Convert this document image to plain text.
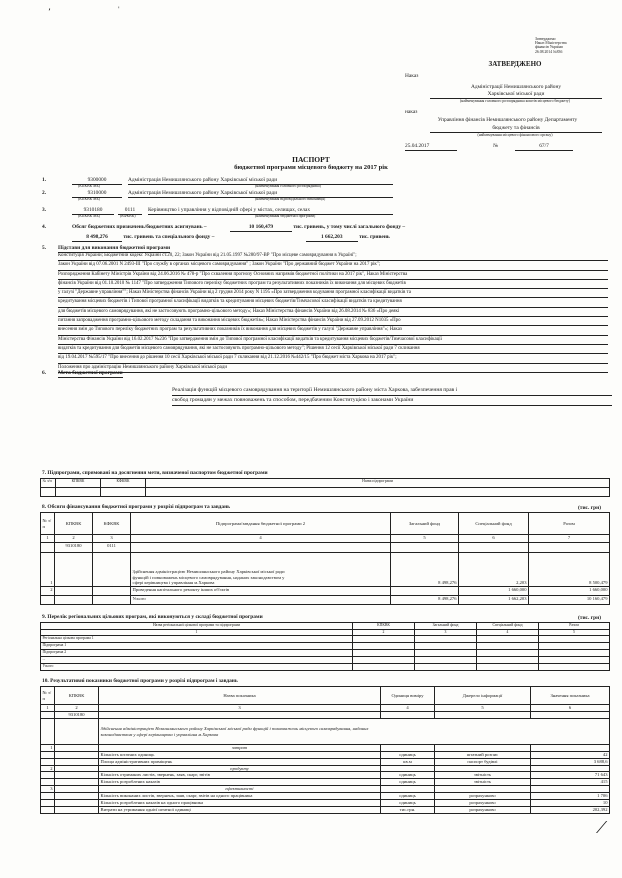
ʼ	'
⟋
Затверджено
Наказ Міністерства
фінансів України
26.08.2014 №836
ЗАТВЕРДЖЕНО
Наказ
Адміністрації Немишлянського району
Харківської міської ради
(найменування головного розпорядника коштів місцевого бюджету)
наказ
Управління фінансів Немишлянського району Департаменту
бюджету та фінансів
(найменування місцевого фінансового органу)
25.04.2017	№	67/7
ПАСПОРТ
бюджетної програми місцевого бюджету на 2017 рік
1.	9300000	Адміністрація Немишлянського району Харківської міської ради
(КПКВК МБ)	(найменування головного розпорядника)
2.	9310000	Адміністрація Немишлянського району Харківської міської ради
(КПКВК МБ)	(найменування відповідального виконавця)
3.	9310180	0111	Керівництво і управління у відповідній сфері у містах, селищах, селах
(КПКВК МБ)	(КФКВК)	(найменування бюджетної програми)
4.	Обсяг бюджетних призначень/бюджетних асигнувань –	10 160,479	тис. гривень, у тому числі загального фонду –
8 498,276	тис. гривень та спеціального фонду –	1 662,203	тис. гривень
5. Підстави для виконання бюджетної програми
Конституція України; Бюджетний кодекс України ст.20, 22; Закон України від 21.05.1997 №280/97-ВР "Про місцеве самоврядування в Україні";
Закон України від 07.06.2001 N 2493-III "Про службу в органах місцевого самоврядування" ; Закон України "Про державний бюджет України на 2017 рік";
Розпорядження Кабінету Міністрів України від 24.06.2016 № 478-р "Про схвалення прогнозу Основних напрямів бюджетної політики на 2017 рік", Наказ Міністерства
фінансів України від 01.10.2010 № 1147 "Про затвердження Типового переліку бюджетних програм та результативних показників їх виконання для місцевих бюджетів
у галузі "Державне управління""; Наказ Міністерства фінансів України від 2 грудня 2014 року N 1195 «Про затвердження кодування програмної класифікації видатків та
кредитування місцевих бюджетів і Типової програмної класифікації видатків та кредитування місцевих бюджетів/Тимчасової класифікації видатків та кредитування
для бюджетів місцевого самоврядування, які не застосовують програмно-цільового методу»; Наказ Міністерства фінансів України від 26.08.2014 № 836 «Про деякі
питання запровадження програмно-цільового методу складання та виконання місцевих бюджетів»; Наказ Міністерства фінансів України від 27.09.2012 N1035 «Про
внесення змін до Типового переліку бюджетних програм та результативних показників їх виконання для місцевих бюджетів у галузі "Державне управління"»; Наказ
Міністерства Фінансів України від 16.02.2017 №236 "Про затвердження змін до Типової програмної класифікації видатків та кредитування місцевих бюджетів/Тимчасової класифікації
видатків та кредитування для бюджетів місцевого самоврядування, які не застосовують програмно-цільового методу"; Рішення 12 сесії Харківської міської ради 7 скликання
від 19.04.2017 №595/17 "Про внесення до рішення 10 сесії Харківської міської ради 7 скликання від 21.12.2016 №442/15 "Про бюджет міста Харкова на 2017 рік";
Положення про адміністрацію Немишлянського району Харківської міської ради
6. Мета бюджетної програми
Реалізація функцій місцевого самоврядування на території Немишлянського району міста Харкова, забезпечення прав і
свобод громадян у межах повноважень та способом, передбаченим Конституцією і законами України
7. Підпрограми, спрямовані на досягнення мети, визначеної паспортом бюджетної програми
№ з/п	КПКВК	КФКВК	Назва підпрограми

8. Обсяги фінансування бюджетної програми у розрізі підпрограм та завдань	(тис. грн)
№ з/п	КПКВК	КФКВК	Підпрограма/завдання бюджетної програми 2	Загальний фонд	Спеціальний фонд	Разом
1	2	3	4	5	6	7
	9310180	0111				
1			Здійснення адміністрацією Немишлянського району Харківської міської ради
функцій і повноважень місцевого самоврядування, наданих законодавством у
сфері керівництва і управління м.Харкова	8 498,276	2,203	8 500,479
2			Проведення капітального ремонту інших об'єктів		1 660,000	1 660,000
			Усього	8 498,276	1 662,203	10 160,479
9. Перелік регіональних цільових програм, які виконуються у складі бюджетної програми	(тис. грн)
Назва регіональної цільової програми та підпрограми	КПКВК	Загальний фонд	Спеціальний фонд	Разом
1	2	3	4	5
Регіональна цільова програма 1				
Підпрограма 1				
Підпрограма 2				
...				
Усього				
10. Результативні показники бюджетної програми у розрізі підпрограм і завдань
№ з/п	КПКВК	Назва показника	Одиниця виміру	Джерело інформації	Значення показника
1	2	3	4	5	6
	9310180				

		Здійснення адміністрацією Немишлянського району Харківської міської ради функцій і повноважень місцевого самоврядування, наданих
законодавством у сфері керівництва і управління м.Харкова			

1		затрат			
		Кількість штатних одиниць	одиниць	штатний розпис	42
		Площа адміністративних приміщень	кв.м	паспорт будівлі	3 688,6
2		продукту			
		Кількість отриманих листів, звернень, заяв, скарг, звітів	одиниць	звітність	71 643
		Кількість розроблених наказів	одиниць	звітність	415
3		ефективності			
		Кількість виконаних листів, звернень, заяв, скарг, звітів на одного працівника	одиниць	розрахунково	1 706
		Кількість розроблених наказів на одного працівника	одиниць	розрахунково	10
		Витрати на утримання однієї штатної одиниці	тис.грн.	розрахунково	202,392
